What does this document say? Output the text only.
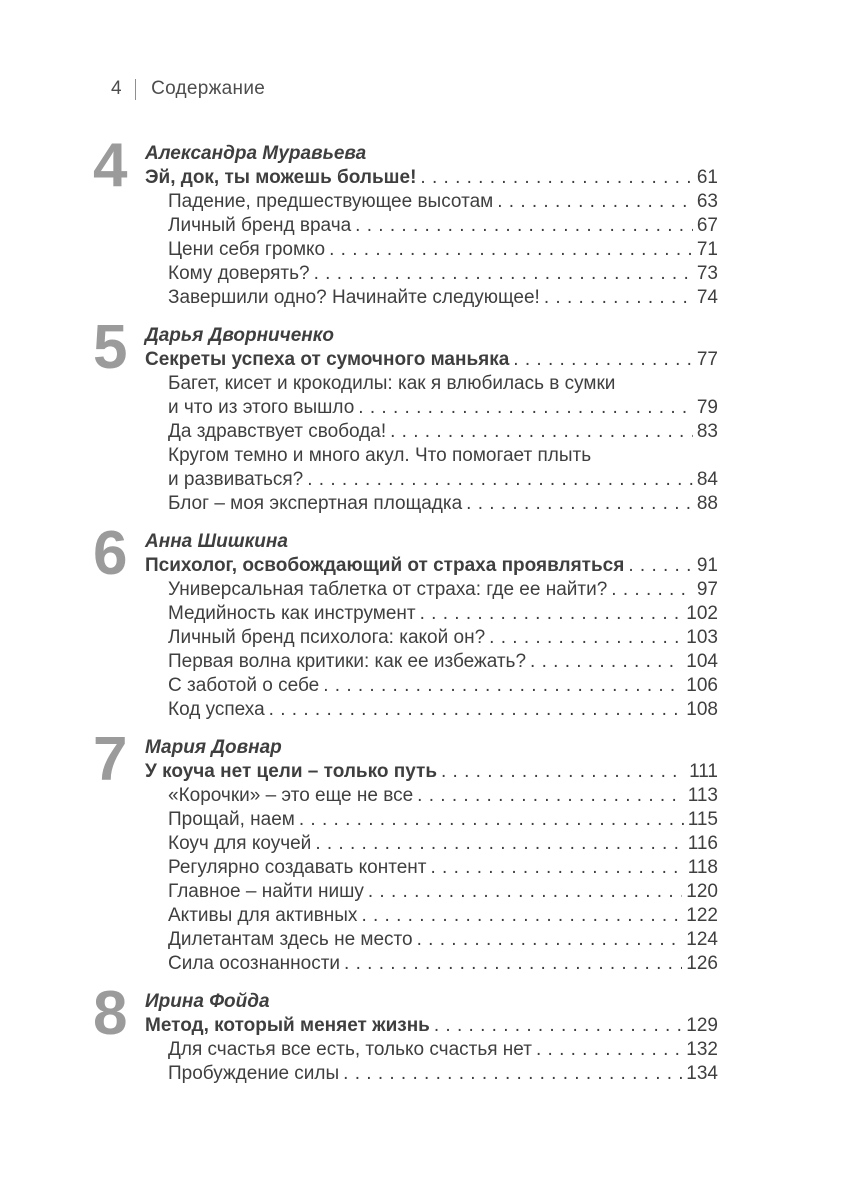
4 Содержание
4	Александра Муравьева
Эй, док, ты можешь больше! . . .	61
Падение, предшествующее высотам . . .	63
Личный бренд врача . . .	67
Цени себя громко . . .	71
Кому доверять? . . .	73
Завершили одно? Начинайте следующее! . . .	74
5	Дарья Дворниченко
Секреты успеха от сумочного маньяка . . .	77
Багет, кисет и крокодилы: как я влюбилась в сумки
и что из этого вышло . . .	79
Да здравствует свобода! . . .	83
Кругом темно и много акул. Что помогает плыть
и развиваться? . . .	84
Блог – моя экспертная площадка . . .	88
6	Анна Шишкина
Психолог, освобождающий от страха проявляться . . .	91
Универсальная таблетка от страха: где ее найти? . . .	97
Медийность как инструмент . . .	102
Личный бренд психолога: какой он? . . .	103
Первая волна критики: как ее избежать? . . .	104
С заботой о себе . . .	106
Код успеха . . .	108
7	Мария Довнар
У коуча нет цели – только путь . . .	111
«Корочки» – это еще не все . . .	113
Прощай, наем . . .	115
Коуч для коучей . . .	116
Регулярно создавать контент . . .	118
Главное – найти нишу . . .	120
Активы для активных . . .	122
Дилетантам здесь не место . . .	124
Сила осознанности . . .	126
8	Ирина Фойда
Метод, который меняет жизнь . . .	129
Для счастья все есть, только счастья нет . . .	132
Пробуждение силы . . .	134
